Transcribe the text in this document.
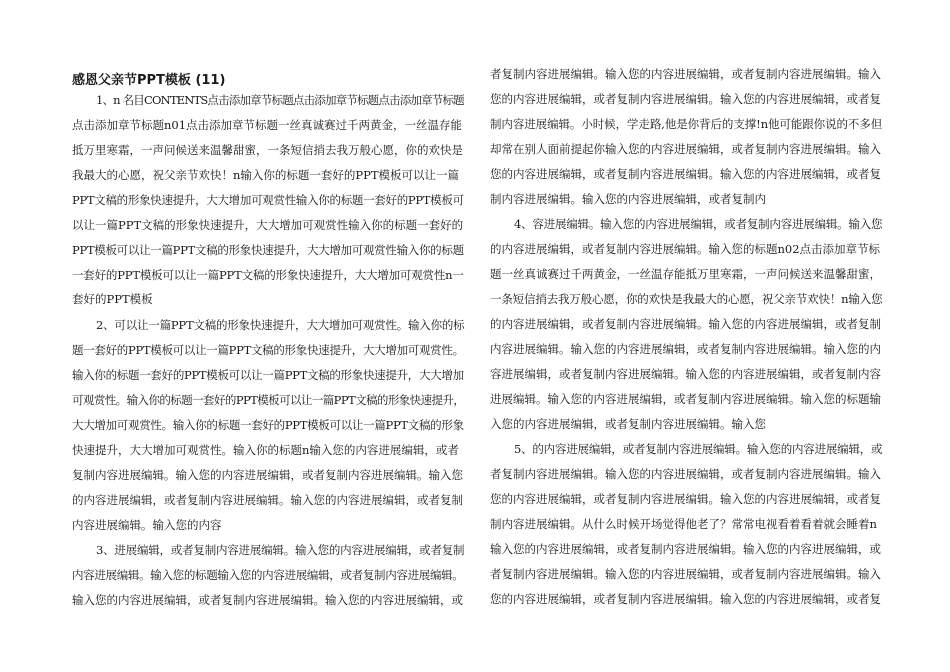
感恩父亲节PPT模板 (11)
1、n 名目CONTENTS点击添加章节标题点击添加章节标题点击添加章节标题
点击添加章节标题n01点击添加章节标题一丝真诚赛过千两黄金，一丝温存能
抵万里寒霜，一声问候送来温馨甜蜜，一条短信捎去我万般心愿，你的欢快是
我最大的心愿，祝父亲节欢快！n输入你的标题一套好的PPT模板可以让一篇
PPT文稿的形象快速提升，大大增加可观赏性输入你的标题一套好的PPT模板可
以让一篇PPT文稿的形象快速提升，大大增加可观赏性输入你的标题一套好的
PPT模板可以让一篇PPT文稿的形象快速提升，大大增加可观赏性输入你的标题
一套好的PPT模板可以让一篇PPT文稿的形象快速提升，大大增加可观赏性n一
套好的PPT模板
2、可以让一篇PPT文稿的形象快速提升，大大增加可观赏性。输入你的标
题一套好的PPT模板可以让一篇PPT文稿的形象快速提升，大大增加可观赏性。
输入你的标题一套好的PPT模板可以让一篇PPT文稿的形象快速提升，大大增加
可观赏性。输入你的标题一套好的PPT模板可以让一篇PPT文稿的形象快速提升，
大大增加可观赏性。输入你的标题一套好的PPT模板可以让一篇PPT文稿的形象
快速提升，大大增加可观赏性。输入你的标题n输入您的内容进展编辑，或者
复制内容进展编辑。输入您的内容进展编辑，或者复制内容进展编辑。输入您
的内容进展编辑，或者复制内容进展编辑。输入您的内容进展编辑，或者复制
内容进展编辑。输入您的内容
3、进展编辑，或者复制内容进展编辑。输入您的内容进展编辑，或者复制
内容进展编辑。输入您的标题输入您的内容进展编辑，或者复制内容进展编辑。
输入您的内容进展编辑，或者复制内容进展编辑。输入您的内容进展编辑，或
者复制内容进展编辑。输入您的内容进展编辑，或者复制内容进展编辑。输入
您的内容进展编辑，或者复制内容进展编辑。输入您的内容进展编辑，或者复
制内容进展编辑。小时候，学走路,他是你背后的支撑!n他可能跟你说的不多但
却常在别人面前提起你输入您的内容进展编辑，或者复制内容进展编辑。输入
您的内容进展编辑，或者复制内容进展编辑。输入您的内容进展编辑，或者复
制内容进展编辑。输入您的内容进展编辑，或者复制内
4、容进展编辑。输入您的内容进展编辑，或者复制内容进展编辑。输入您
的内容进展编辑，或者复制内容进展编辑。输入您的标题n02点击添加章节标
题一丝真诚赛过千两黄金，一丝温存能抵万里寒霜，一声问候送来温馨甜蜜，
一条短信捎去我万般心愿，你的欢快是我最大的心愿，祝父亲节欢快！n输入您
的内容进展编辑，或者复制内容进展编辑。输入您的内容进展编辑，或者复制
内容进展编辑。输入您的内容进展编辑，或者复制内容进展编辑。输入您的内
容进展编辑，或者复制内容进展编辑。输入您的内容进展编辑，或者复制内容
进展编辑。输入您的内容进展编辑，或者复制内容进展编辑。输入您的标题输
入您的内容进展编辑，或者复制内容进展编辑。输入您
5、的内容进展编辑，或者复制内容进展编辑。输入您的内容进展编辑，或
者复制内容进展编辑。输入您的内容进展编辑，或者复制内容进展编辑。输入
您的内容进展编辑，或者复制内容进展编辑。输入您的内容进展编辑，或者复
制内容进展编辑。从什么时候开场觉得他老了？常常电视看着看着就会睡着n
输入您的内容进展编辑，或者复制内容进展编辑。输入您的内容进展编辑，或
者复制内容进展编辑。输入您的内容进展编辑，或者复制内容进展编辑。输入
您的内容进展编辑，或者复制内容进展编辑。输入您的内容进展编辑，或者复
